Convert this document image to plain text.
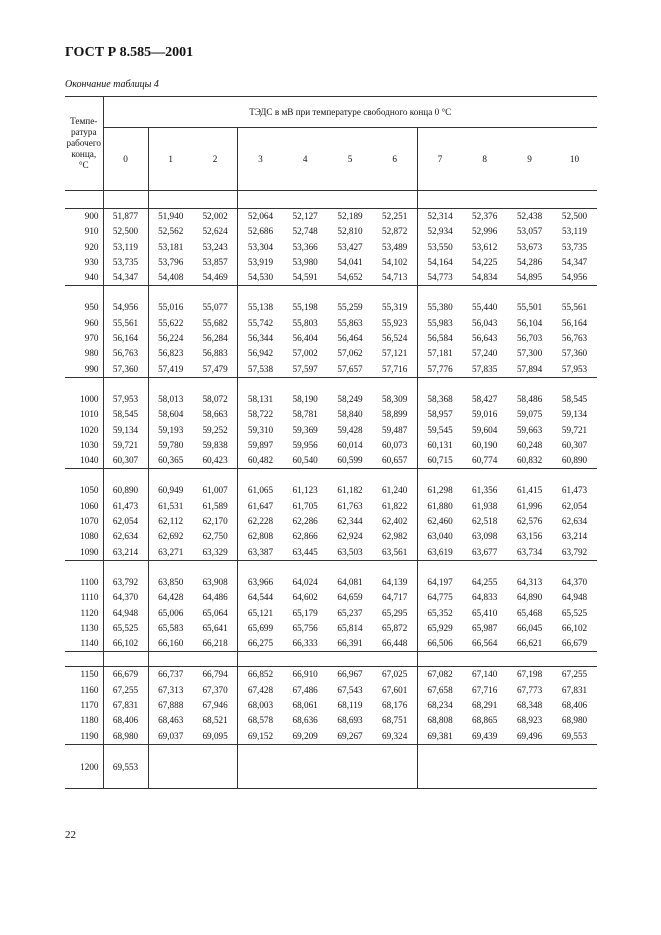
ГОСТ Р 8.585—2001
Окончание таблицы 4
Темпе-
ратура
рабочего
конца,
°С	ТЭДС в мВ при температуре свободного конца 0 °С										
	0	1	2	3	4	5	6	7	8	9	10

900	51,877	51,940	52,002	52,064	52,127	52,189	52,251	52,314	52,376	52,438	52,500
910	52,500	52,562	52,624	52,686	52,748	52,810	52,872	52,934	52,996	53,057	53,119
920	53,119	53,181	53,243	53,304	53,366	53,427	53,489	53,550	53,612	53,673	53,735
930	53,735	53,796	53,857	53,919	53,980	54,041	54,102	54,164	54,225	54,286	54,347
940	54,347	54,408	54,469	54,530	54,591	54,652	54,713	54,773	54,834	54,895	54,956

950	54,956	55,016	55,077	55,138	55,198	55,259	55,319	55,380	55,440	55,501	55,561
960	55,561	55,622	55,682	55,742	55,803	55,863	55,923	55,983	56,043	56,104	56,164
970	56,164	56,224	56,284	56,344	56,404	56,464	56,524	56,584	56,643	56,703	56,763
980	56,763	56,823	56,883	56,942	57,002	57,062	57,121	57,181	57,240	57,300	57,360
990	57,360	57,419	57,479	57,538	57,597	57,657	57,716	57,776	57,835	57,894	57,953

1000	57,953	58,013	58,072	58,131	58,190	58,249	58,309	58,368	58,427	58,486	58,545
1010	58,545	58,604	58,663	58,722	58,781	58,840	58,899	58,957	59,016	59,075	59,134
1020	59,134	59,193	59,252	59,310	59,369	59,428	59,487	59,545	59,604	59,663	59,721
1030	59,721	59,780	59,838	59,897	59,956	60,014	60,073	60,131	60,190	60,248	60,307
1040	60,307	60,365	60,423	60,482	60,540	60,599	60,657	60,715	60,774	60,832	60,890

1050	60,890	60,949	61,007	61,065	61,123	61,182	61,240	61,298	61,356	61,415	61,473
1060	61,473	61,531	61,589	61,647	61,705	61,763	61,822	61,880	61,938	61,996	62,054
1070	62,054	62,112	62,170	62,228	62,286	62,344	62,402	62,460	62,518	62,576	62,634
1080	62,634	62,692	62,750	62,808	62,866	62,924	62,982	63,040	63,098	63,156	63,214
1090	63,214	63,271	63,329	63,387	63,445	63,503	63,561	63,619	63,677	63,734	63,792

1100	63,792	63,850	63,908	63,966	64,024	64,081	64,139	64,197	64,255	64,313	64,370
1110	64,370	64,428	64,486	64,544	64,602	64,659	64,717	64,775	64,833	64,890	64,948
1120	64,948	65,006	65,064	65,121	65,179	65,237	65,295	65,352	65,410	65,468	65,525
1130	65,525	65,583	65,641	65,699	65,756	65,814	65,872	65,929	65,987	66,045	66,102
1140	66,102	66,160	66,218	66,275	66,333	66,391	66,448	66,506	66,564	66,621	66,679

1150	66,679	66,737	66,794	66,852	66,910	66,967	67,025	67,082	67,140	67,198	67,255
1160	67,255	67,313	67,370	67,428	67,486	67,543	67,601	67,658	67,716	67,773	67,831
1170	67,831	67,888	67,946	68,003	68,061	68,119	68,176	68,234	68,291	68,348	68,406
1180	68,406	68,463	68,521	68,578	68,636	68,693	68,751	68,808	68,865	68,923	68,980
1190	68,980	69,037	69,095	69,152	69,209	69,267	69,324	69,381	69,439	69,496	69,553

1200	69,553										
22
